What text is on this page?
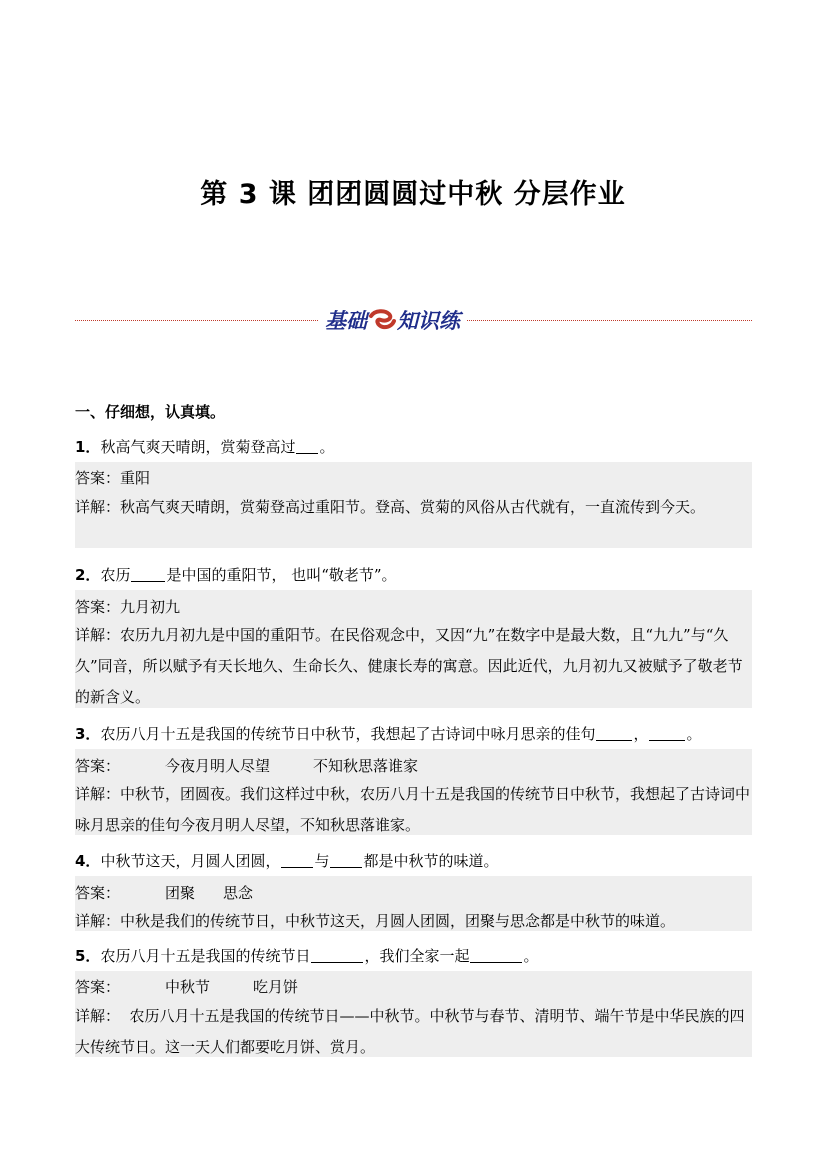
第 3 课 团团圆圆过中秋 分层作业
基础 知识练
一、仔细想，认真填。
1．秋高气爽天晴朗，赏菊登高过 。
答案：重阳
详解：秋高气爽天晴朗，赏菊登高过重阳节。登高、赏菊的风俗从古代就有，一直流传到今天。
2．农历 是中国的重阳节， 也叫“敬老节”。
答案：九月初九
详解：农历九月初九是中国的重阳节。在民俗观念中，又因“九”在数字中是最大数，且“九九”与“久久”同音，所以赋予有天长地久、生命长久、健康长寿的寓意。因此近代，九月初九又被赋予了敬老节的新含义。
3．农历八月十五是我国的传统节日中秋节，我想起了古诗词中咏月思亲的佳句	，	。
答案：	今夜月明人尽望	不知秋思落谁家
详解：中秋节，团圆夜。我们这样过中秋，农历八月十五是我国的传统节日中秋节，我想起了古诗词中咏月思亲的佳句今夜月明人尽望，不知秋思落谁家。
4．中秋节这天，月圆人团圆， 与 都是中秋节的味道。
答案：	团聚 思念
详解：中秋是我们的传统节日，中秋节这天，月圆人团圆，团聚与思念都是中秋节的味道。
5．农历八月十五是我国的传统节日	，我们全家一起	。
答案：	中秋节	吃月饼
详解：  农历八月十五是我国的传统节日——中秋节。中秋节与春节、清明节、端午节是中华民族的四大传统节日。这一天人们都要吃月饼、赏月。
